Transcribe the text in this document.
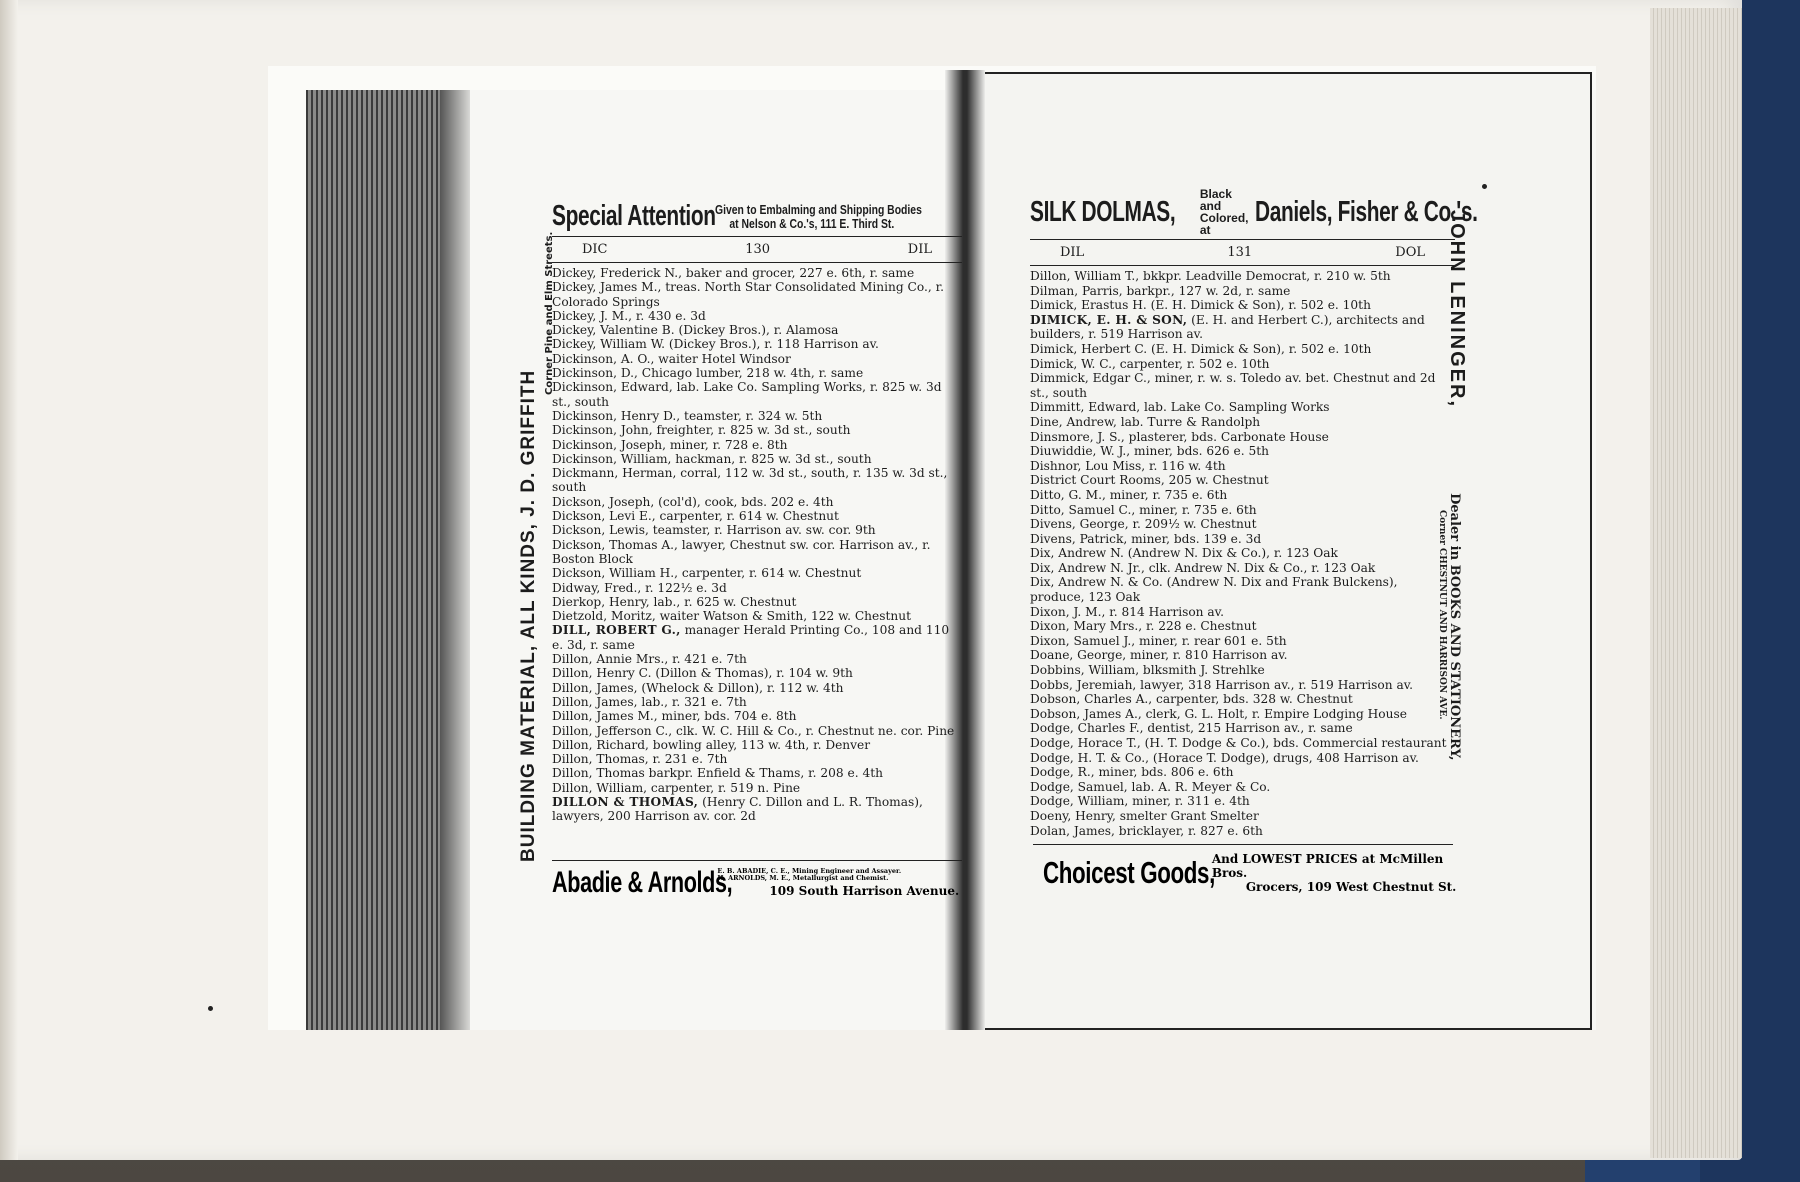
BUILDING MATERIAL, ALL KINDS, J. D. GRIFFITH
Corner Pine and Elm Streets.
Special Attention Given to Embalming and Shipping Bodies
at Nelson & Co.'s, 111 E. Third St.
DIC	130	DIL
Dickey, Frederick N., baker and grocer, 227 e. 6th, r. same
Dickey, James M., treas. North Star Consolidated Mining Co., r. Colorado Springs
Dickey, J. M., r. 430 e. 3d
Dickey, Valentine B. (Dickey Bros.), r. Alamosa
Dickey, William W. (Dickey Bros.), r. 118 Harrison av.
Dickinson, A. O., waiter Hotel Windsor
Dickinson, D., Chicago lumber, 218 w. 4th, r. same
Dickinson, Edward, lab. Lake Co. Sampling Works, r. 825 w. 3d st., south
Dickinson, Henry D., teamster, r. 324 w. 5th
Dickinson, John, freighter, r. 825 w. 3d st., south
Dickinson, Joseph, miner, r. 728 e. 8th
Dickinson, William, hackman, r. 825 w. 3d st., south
Dickmann, Herman, corral, 112 w. 3d st., south, r. 135 w. 3d st., south
Dickson, Joseph, (col'd), cook, bds. 202 e. 4th
Dickson, Levi E., carpenter, r. 614 w. Chestnut
Dickson, Lewis, teamster, r. Harrison av. sw. cor. 9th
Dickson, Thomas A., lawyer, Chestnut sw. cor. Harrison av., r. Boston Block
Dickson, William H., carpenter, r. 614 w. Chestnut
Didway, Fred., r. 122½ e. 3d
Dierkop, Henry, lab., r. 625 w. Chestnut
Dietzold, Moritz, waiter Watson & Smith, 122 w. Chestnut
DILL, ROBERT G., manager Herald Printing Co., 108 and 110 e. 3d, r. same
Dillon, Annie Mrs., r. 421 e. 7th
Dillon, Henry C. (Dillon & Thomas), r. 104 w. 9th
Dillon, James, (Whelock & Dillon), r. 112 w. 4th
Dillon, James, lab., r. 321 e. 7th
Dillon, James M., miner, bds. 704 e. 8th
Dillon, Jefferson C., clk. W. C. Hill & Co., r. Chestnut ne. cor. Pine
Dillon, Richard, bowling alley, 113 w. 4th, r. Denver
Dillon, Thomas, r. 231 e. 7th
Dillon, Thomas barkpr. Enfield & Thams, r. 208 e. 4th
Dillon, William, carpenter, r. 519 n. Pine
DILLON & THOMAS, (Henry C. Dillon and L. R. Thomas), lawyers, 200 Harrison av. cor. 2d
Abadie & Arnolds,
E. B. ABADIE, C. E., Mining Engineer and Assayer.
H. ARNOLDS, M. E., Metallurgist and Chemist.
109 South Harrison Avenue.
JOHN LENINGER, Dealer in BOOKS AND STATIONERY,
Corner CHESTNUT AND HARRISON AVE.
SILK DOLMAS,
Black and
Colored, at
Daniels, Fisher & Co.'s.
DIL	131	DOL
Dillon, William T., bkkpr. Leadville Democrat, r. 210 w. 5th
Dilman, Parris, barkpr., 127 w. 2d, r. same
Dimick, Erastus H. (E. H. Dimick & Son), r. 502 e. 10th
DIMICK, E. H. & SON, (E. H. and Herbert C.), architects and builders, r. 519 Harrison av.
Dimick, Herbert C. (E. H. Dimick & Son), r. 502 e. 10th
Dimick, W. C., carpenter, r. 502 e. 10th
Dimmick, Edgar C., miner, r. w. s. Toledo av. bet. Chestnut and 2d st., south
Dimmitt, Edward, lab. Lake Co. Sampling Works
Dine, Andrew, lab. Turre & Randolph
Dinsmore, J. S., plasterer, bds. Carbonate House
Diuwiddie, W. J., miner, bds. 626 e. 5th
Dishnor, Lou Miss, r. 116 w. 4th
District Court Rooms, 205 w. Chestnut
Ditto, G. M., miner, r. 735 e. 6th
Ditto, Samuel C., miner, r. 735 e. 6th
Divens, George, r. 209½ w. Chestnut
Divens, Patrick, miner, bds. 139 e. 3d
Dix, Andrew N. (Andrew N. Dix & Co.), r. 123 Oak
Dix, Andrew N. Jr., clk. Andrew N. Dix & Co., r. 123 Oak
Dix, Andrew N. & Co. (Andrew N. Dix and Frank Bulckens), produce, 123 Oak
Dixon, J. M., r. 814 Harrison av.
Dixon, Mary Mrs., r. 228 e. Chestnut
Dixon, Samuel J., miner, r. rear 601 e. 5th
Doane, George, miner, r. 810 Harrison av.
Dobbins, William, blksmith J. Strehlke
Dobbs, Jeremiah, lawyer, 318 Harrison av., r. 519 Harrison av.
Dobson, Charles A., carpenter, bds. 328 w. Chestnut
Dobson, James A., clerk, G. L. Holt, r. Empire Lodging House
Dodge, Charles F., dentist, 215 Harrison av., r. same
Dodge, Horace T., (H. T. Dodge & Co.), bds. Commercial restaurant
Dodge, H. T. & Co., (Horace T. Dodge), drugs, 408 Harrison av.
Dodge, R., miner, bds. 806 e. 6th
Dodge, Samuel, lab. A. R. Meyer & Co.
Dodge, William, miner, r. 311 e. 4th
Doeny, Henry, smelter Grant Smelter
Dolan, James, bricklayer, r. 827 e. 6th
Choicest Goods,
And LOWEST PRICES at McMillen Bros.
Grocers, 109 West Chestnut St.
